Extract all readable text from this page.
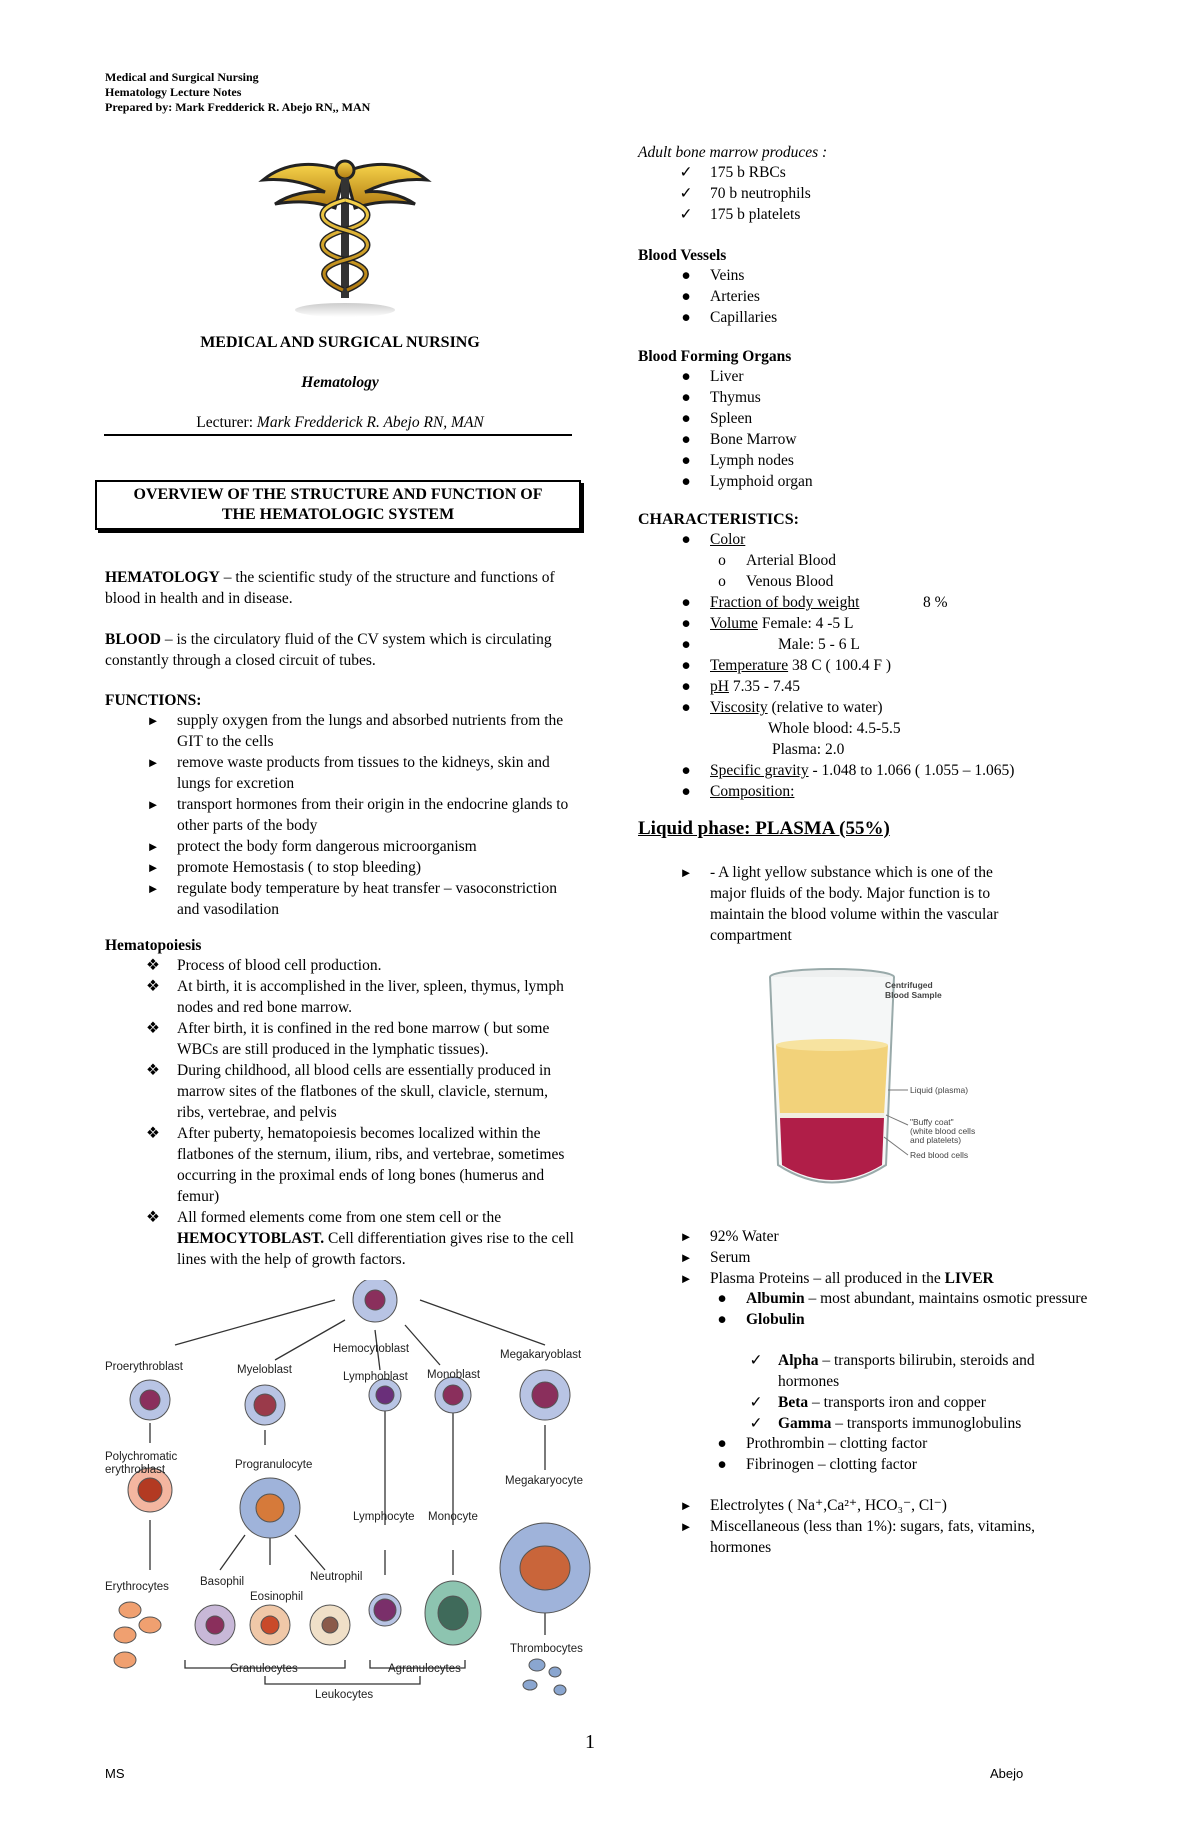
Medical and Surgical Nursing
Hematology Lecture Notes
Prepared by: Mark Fredderick R. Abejo RN,, MAN
MEDICAL AND SURGICAL NURSING
Hematology
Lecturer: Mark Fredderick R. Abejo RN, MAN
OVERVIEW OF THE STRUCTURE AND FUNCTION OF
THE HEMATOLOGIC SYSTEM
HEMATOLOGY – the scientific study of the structure and functions of blood in health and in disease.
BLOOD – is the circulatory fluid of the CV system which is circulating constantly through a closed circuit of tubes.
FUNCTIONS:
► supply oxygen from the lungs and absorbed nutrients from the GIT to the cells
► remove waste products from tissues to the kidneys, skin and lungs for excretion
► transport hormones from their origin in the endocrine glands to other parts of the body
► protect the body form dangerous microorganism
► promote Hemostasis ( to stop bleeding)
► regulate body temperature by heat transfer – vasoconstriction and vasodilation
Hematopoiesis
❖ Process of blood cell production.
❖ At birth, it is accomplished in the liver, spleen, thymus, lymph nodes and red bone marrow.
❖ After birth, it is confined in the red bone marrow ( but some WBCs are still produced in the lymphatic tissues).
❖ During childhood, all blood cells are essentially produced in marrow sites of the flatbones of the skull, clavicle, sternum, ribs, vertebrae, and pelvis
❖ After puberty, hematopoiesis becomes localized within the flatbones of the sternum, ilium, ribs, and vertebrae, sometimes occurring in the proximal ends of long bones (humerus and femur)
❖ All formed elements come from one stem cell or the HEMOCYTOBLAST. Cell differentiation gives rise to the cell lines with the help of growth factors.
Hemocytoblast
Proerythroblast	Myeloblast
Lymphoblast Monoblast
Megakaryoblast
Polychromatic
erythroblast	Progranulocyte
Megakaryocyte
Lymphocyte Monocyte
Erythrocytes	Basophil
Eosinophil
Neutrophil
Thrombocytes
Granulocytes	Agranulocytes
Leukocytes
Adult bone marrow produces :
✓ 175 b RBCs
✓ 70 b neutrophils
✓ 175 b platelets
Blood Vessels
●	Veins
●	Arteries
●	Capillaries
Blood Forming Organs
●	Liver
●	Thymus
●	Spleen
●	Bone Marrow
●	Lymph nodes
●	Lymphoid organ
CHARACTERISTICS:
●	Color
o	Arterial Blood
o	Venous Blood
●	Fraction of body weight	8 %
●	Volume Female: 4 -5 L
●	Male: 5 - 6 L
●	Temperature 38 C ( 100.4 F )
●	pH 7.35 - 7.45
●	Viscosity (relative to water)
Whole blood: 4.5-5.5
Plasma: 2.0
●	Specific gravity - 1.048 to 1.066 ( 1.055 – 1.065)
●	Composition:
Liquid phase: PLASMA (55%)
► - A light yellow substance which is one of the major fluids of the body. Major function is to maintain the blood volume within the vascular compartment
Centrifuged
Blood Sample
Liquid (plasma)
"Buffy coat"
(white blood cells
and platelets)
Red blood cells
► 92% Water
► Serum
► Plasma Proteins – all produced in the LIVER
●	Albumin – most abundant, maintains osmotic pressure
●	Globulin
✓ Alpha – transports bilirubin, steroids and hormones
✓ Beta – transports iron and copper
✓ Gamma – transports immunoglobulins
●	Prothrombin – clotting factor
●	Fibrinogen – clotting factor
► Electrolytes ( Na⁺,Ca²⁺, HCO₃⁻, Cl⁻)
► Miscellaneous (less than 1%): sugars, fats, vitamins, hormones
1
MS	Abejo
